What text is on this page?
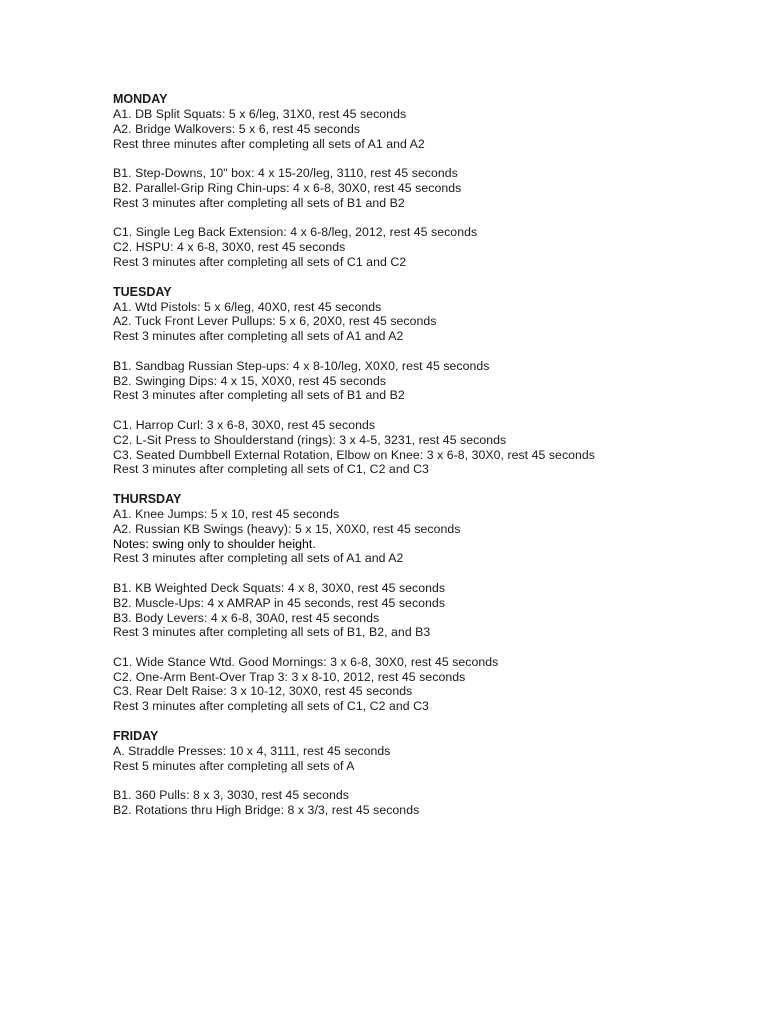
MONDAY
A1. DB Split Squats: 5 x 6/leg, 31X0, rest 45 seconds
A2. Bridge Walkovers: 5 x 6, rest 45 seconds
Rest three minutes after completing all sets of A1 and A2
B1. Step-Downs, 10" box: 4 x 15-20/leg, 3110, rest 45 seconds
B2. Parallel-Grip Ring Chin-ups: 4 x 6-8, 30X0, rest 45 seconds
Rest 3 minutes after completing all sets of B1 and B2
C1. Single Leg Back Extension: 4 x 6-8/leg, 2012, rest 45 seconds
C2. HSPU: 4 x 6-8, 30X0, rest 45 seconds
Rest 3 minutes after completing all sets of C1 and C2
TUESDAY
A1. Wtd Pistols: 5 x 6/leg, 40X0, rest 45 seconds
A2. Tuck Front Lever Pullups: 5 x 6, 20X0, rest 45 seconds
Rest 3 minutes after completing all sets of A1 and A2
B1. Sandbag Russian Step-ups: 4 x 8-10/leg, X0X0, rest 45 seconds
B2. Swinging Dips: 4 x 15, X0X0, rest 45 seconds
Rest 3 minutes after completing all sets of B1 and B2
C1. Harrop Curl: 3 x 6-8, 30X0, rest 45 seconds
C2. L-Sit Press to Shoulderstand (rings): 3 x 4-5, 3231, rest 45 seconds
C3. Seated Dumbbell External Rotation, Elbow on Knee: 3 x 6-8, 30X0, rest 45 seconds
Rest 3 minutes after completing all sets of C1, C2 and C3
THURSDAY
A1. Knee Jumps: 5 x 10, rest 45 seconds
A2. Russian KB Swings (heavy): 5 x 15, X0X0, rest 45 seconds
Notes: swing only to shoulder height.
Rest 3 minutes after completing all sets of A1 and A2
B1. KB Weighted Deck Squats: 4 x 8, 30X0, rest 45 seconds
B2. Muscle-Ups: 4 x AMRAP in 45 seconds, rest 45 seconds
B3. Body Levers: 4 x 6-8, 30A0, rest 45 seconds
Rest 3 minutes after completing all sets of B1, B2, and B3
C1. Wide Stance Wtd. Good Mornings: 3 x 6-8, 30X0, rest 45 seconds
C2. One-Arm Bent-Over Trap 3: 3 x 8-10, 2012, rest 45 seconds
C3. Rear Delt Raise: 3 x 10-12, 30X0, rest 45 seconds
Rest 3 minutes after completing all sets of C1, C2 and C3
FRIDAY
A. Straddle Presses: 10 x 4, 3111, rest 45 seconds
Rest 5 minutes after completing all sets of A
B1. 360 Pulls: 8 x 3, 3030, rest 45 seconds
B2. Rotations thru High Bridge: 8 x 3/3, rest 45 seconds
